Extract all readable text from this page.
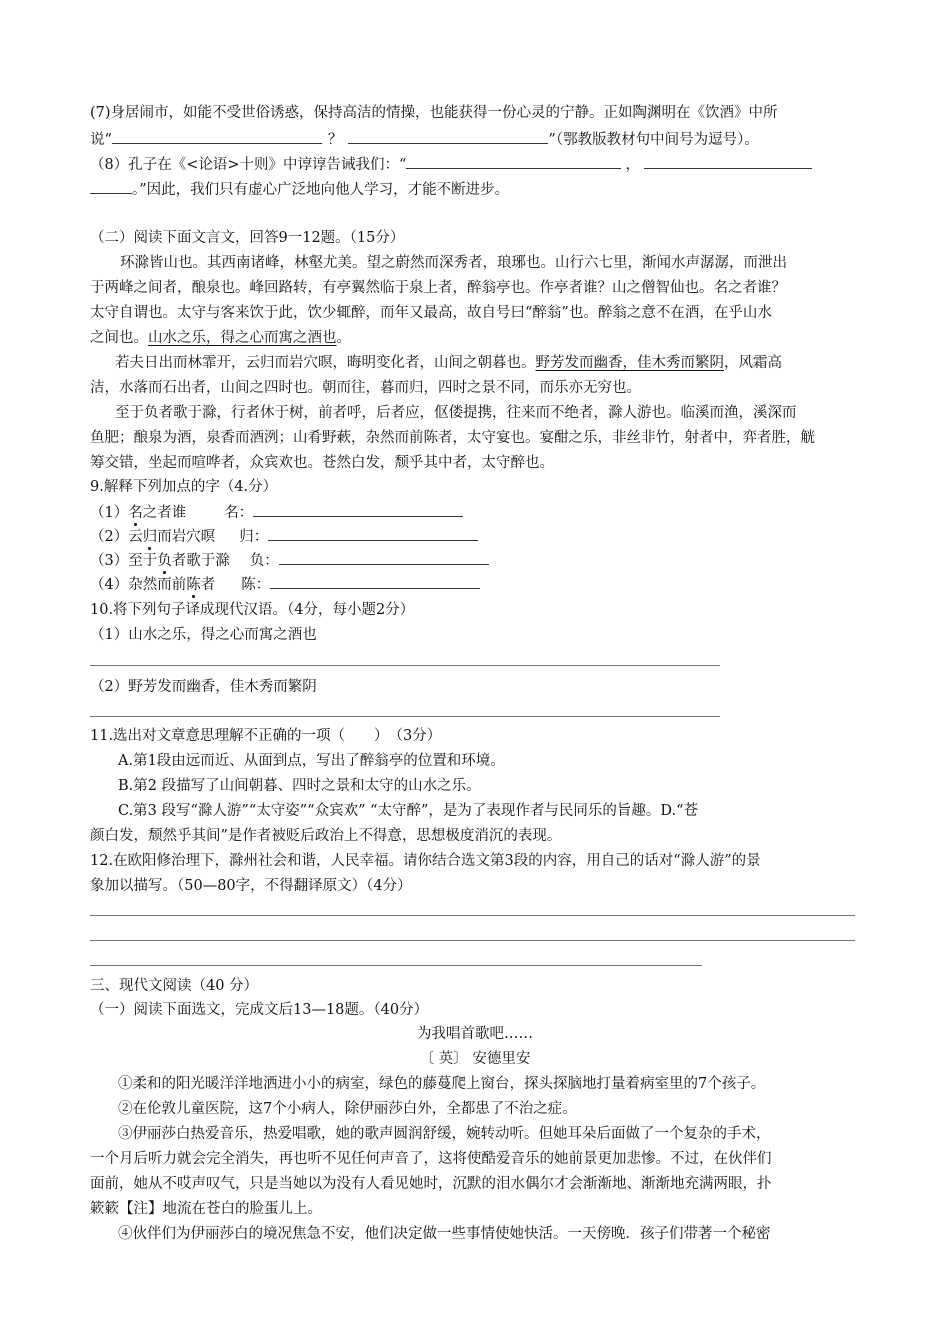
(7)身居闹市，如能不受世俗诱惑，保持高洁的情操，也能获得一份心灵的宁静。正如陶渊明在《饮酒》中所
说“	？	”（鄂教版教材句中间号为逗号）。
（8）孔子在《<论语>十则》中谆谆告诫我们：“	，
。”因此，我们只有虚心广泛地向他人学习，才能不断进步。
（二）阅读下面文言文，回答9一12题。（15分）
环滁皆山也。其西南诸峰，林壑尤美。望之蔚然而深秀者，琅琊也。山行六七里，渐闻水声潺潺，而泄出
于两峰之间者，酿泉也。峰回路转，有亭翼然临于泉上者，醉翁亭也。作亭者谁？山之僧智仙也。名之者谁？
太守自谓也。太守与客来饮于此，饮少辄醉，而年又最高，故自号曰“醉翁”也。醉翁之意不在酒，在乎山水
之间也。山水之乐，得之心而寓之酒也。
若夫日出而林霏开，云归而岩穴暝，晦明变化者，山间之朝暮也。野芳发而幽香，佳木秀而繁阴，风霜高
洁，水落而石出者，山间之四时也。朝而往，暮而归，四时之景不同，而乐亦无穷也。
至于负者歌于滁，行者休于树，前者呼，后者应，伛偻提携，往来而不绝者，滁人游也。临溪而渔，溪深而
鱼肥；酿泉为酒，泉香而酒洌；山肴野蔌，杂然而前陈者，太守宴也。宴酣之乐，非丝非竹，射者中，弈者胜，觥
筹交错，坐起而喧哗者，众宾欢也。苍然白发，颓乎其中者，太守醉也。
9.解释下列加点的字（4.分）
（1）名之者谁	名：
（2）云归而岩穴暝 归：
（3）至于负者歌于滁 负：
（4）杂然而前陈者 陈：
10.将下列句子译成现代汉语。（4分，每小题2分）
（1）山水之乐，得之心而寓之酒也
（2）野芳发而幽香，佳木秀而繁阴
11.选出对文章意思理解不正确的一项（　　）　（3分）
A.第1段由远而近、从面到点，写出了醉翁亭的位置和环境。
B.第2 段描写了山间朝暮、四时之景和太守的山水之乐。
C.第3 段写“滁人游”“太守姿”“众宾欢” “太守醉”，是为了表现作者与民同乐的旨趣。D.“苍
颜白发，颓然乎其间”是作者被贬后政治上不得意，思想极度消沉的表现。
12.在欧阳修治理下，滁州社会和谐，人民幸福。请你结合选文第3段的内容，用自己的话对“滁人游”的景
象加以描写。（50—80字，不得翻译原文）（4分）
三、现代文阅读（40 分）
（一）阅读下面选文，完成文后13—18题。（40分）
为我唱首歌吧……
〔 英〕 安德里安
①柔和的阳光暖洋洋地洒进小小的病室，绿色的藤蔓爬上窗台，探头探脑地打量着病室里的7个孩子。
②在伦敦儿童医院，这7个小病人，除伊丽莎白外，全都患了不治之症。
③伊丽莎白热爱音乐，热爱唱歌，她的歌声圆润舒缓，婉转动听。但她耳朵后面做了一个复杂的手术，
一个月后听力就会完全消失，再也听不见任何声音了，这将使酷爱音乐的她前景更加悲惨。不过，在伙伴们
面前，她从不哎声叹气，只是当她以为没有人看见她时，沉默的泪水偶尔才会渐渐地、渐渐地充满两眼，扑
簌簌【注】地流在苍白的脸蛋儿上。
④伙伴们为伊丽莎白的境况焦急不安，他们决定做一些事情使她快活。一天傍晚．孩子们带著一个秘密
